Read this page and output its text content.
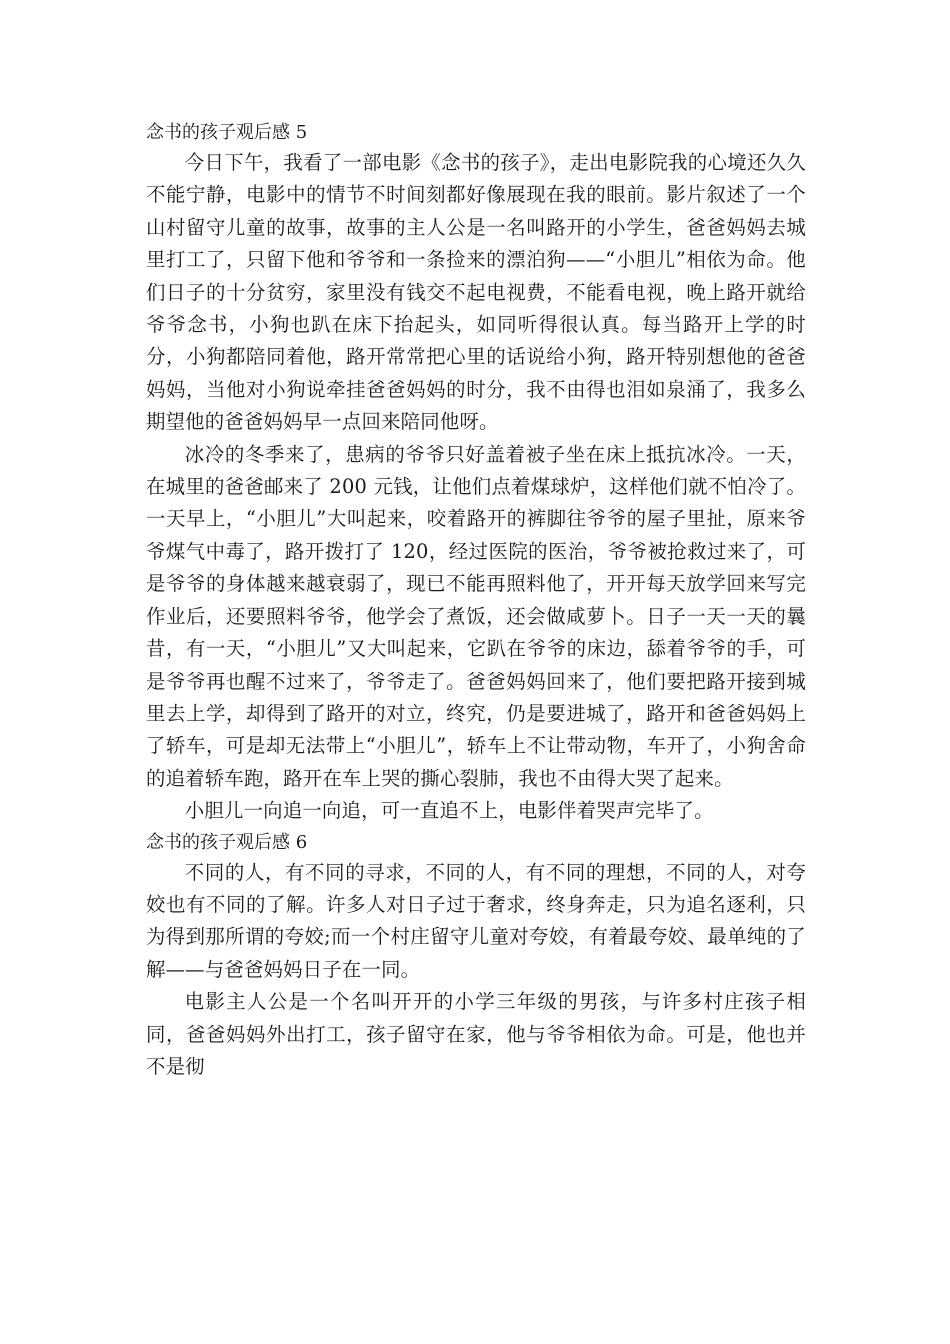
念书的孩子观后感 5

今日下午，我看了一部电影《念书的孩子》，走出电影院我的心境还久久不能宁静，电影中的情节不时间刻都好像展现在我的眼前。影片叙述了一个山村留守儿童的故事，故事的主人公是一名叫路开的小学生，爸爸妈妈去城里打工了，只留下他和爷爷和一条捡来的漂泊狗——“小胆儿”相依为命。他们日子的十分贫穷，家里没有钱交不起电视费，不能看电视，晚上路开就给爷爷念书，小狗也趴在床下抬起头，如同听得很认真。每当路开上学的时分，小狗都陪同着他，路开常常把心里的话说给小狗，路开特别想他的爸爸妈妈，当他对小狗说牵挂爸爸妈妈的时分，我不由得也泪如泉涌了，我多么期望他的爸爸妈妈早一点回来陪同他呀。

冰冷的冬季来了，患病的爷爷只好盖着被子坐在床上抵抗冰冷。一天，在城里的爸爸邮来了 200 元钱，让他们点着煤球炉，这样他们就不怕冷了。一天早上，“小胆儿”大叫起来，咬着路开的裤脚往爷爷的屋子里扯，原来爷爷煤气中毒了，路开拨打了 120，经过医院的医治，爷爷被抢救过来了，可是爷爷的身体越来越衰弱了，现已不能再照料他了，开开每天放学回来写完作业后，还要照料爷爷，他学会了煮饭，还会做咸萝卜。日子一天一天的曩昔，有一天，“小胆儿”又大叫起来，它趴在爷爷的床边，舔着爷爷的手，可是爷爷再也醒不过来了，爷爷走了。爸爸妈妈回来了，他们要把路开接到城里去上学，却得到了路开的对立，终究，仍是要进城了，路开和爸爸妈妈上了轿车，可是却无法带上“小胆儿”，轿车上不让带动物，车开了，小狗舍命的追着轿车跑，路开在车上哭的撕心裂肺，我也不由得大哭了起来。

小胆儿一向追一向追，可一直追不上，电影伴着哭声完毕了。

念书的孩子观后感 6

不同的人，有不同的寻求，不同的人，有不同的理想，不同的人，对夸姣也有不同的了解。许多人对日子过于奢求，终身奔走，只为追名逐利，只为得到那所谓的夸姣;而一个村庄留守儿童对夸姣，有着最夸姣、最单纯的了解——与爸爸妈妈日子在一同。

电影主人公是一个名叫开开的小学三年级的男孩，与许多村庄孩子相同，爸爸妈妈外出打工，孩子留守在家，他与爷爷相依为命。可是，他也并不是彻
